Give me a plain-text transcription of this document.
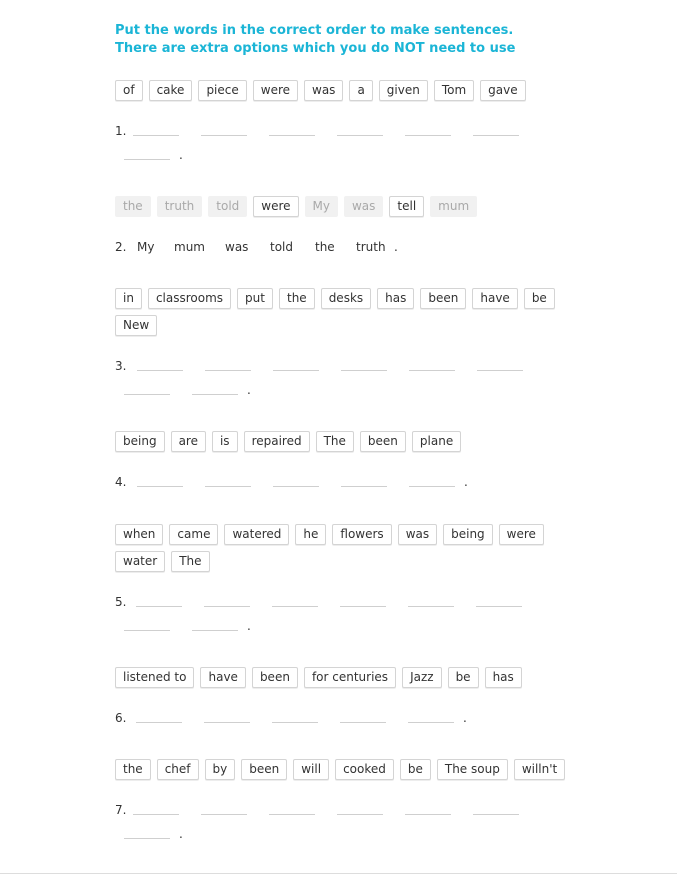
Put the words in the correct order to make sentences. There are extra options which you do NOT need to use
of	cake	piece	were	was	a	given	Tom	gave
1.
.
the	truth	told	were	My	was	tell	mum
2. My mum was told the truth .
in	classrooms	put	the	desks	has	been	have	be
New
3.
.
being	are	is	repaired	The	been	plane
4.	.
when	came	watered	he	flowers	was	being	were
water	The
5.
.
listened to	have	been	for centuries	Jazz	be	has
6.	.
the	chef	by	been	will	cooked	be	The soup	willn't
7.
.
